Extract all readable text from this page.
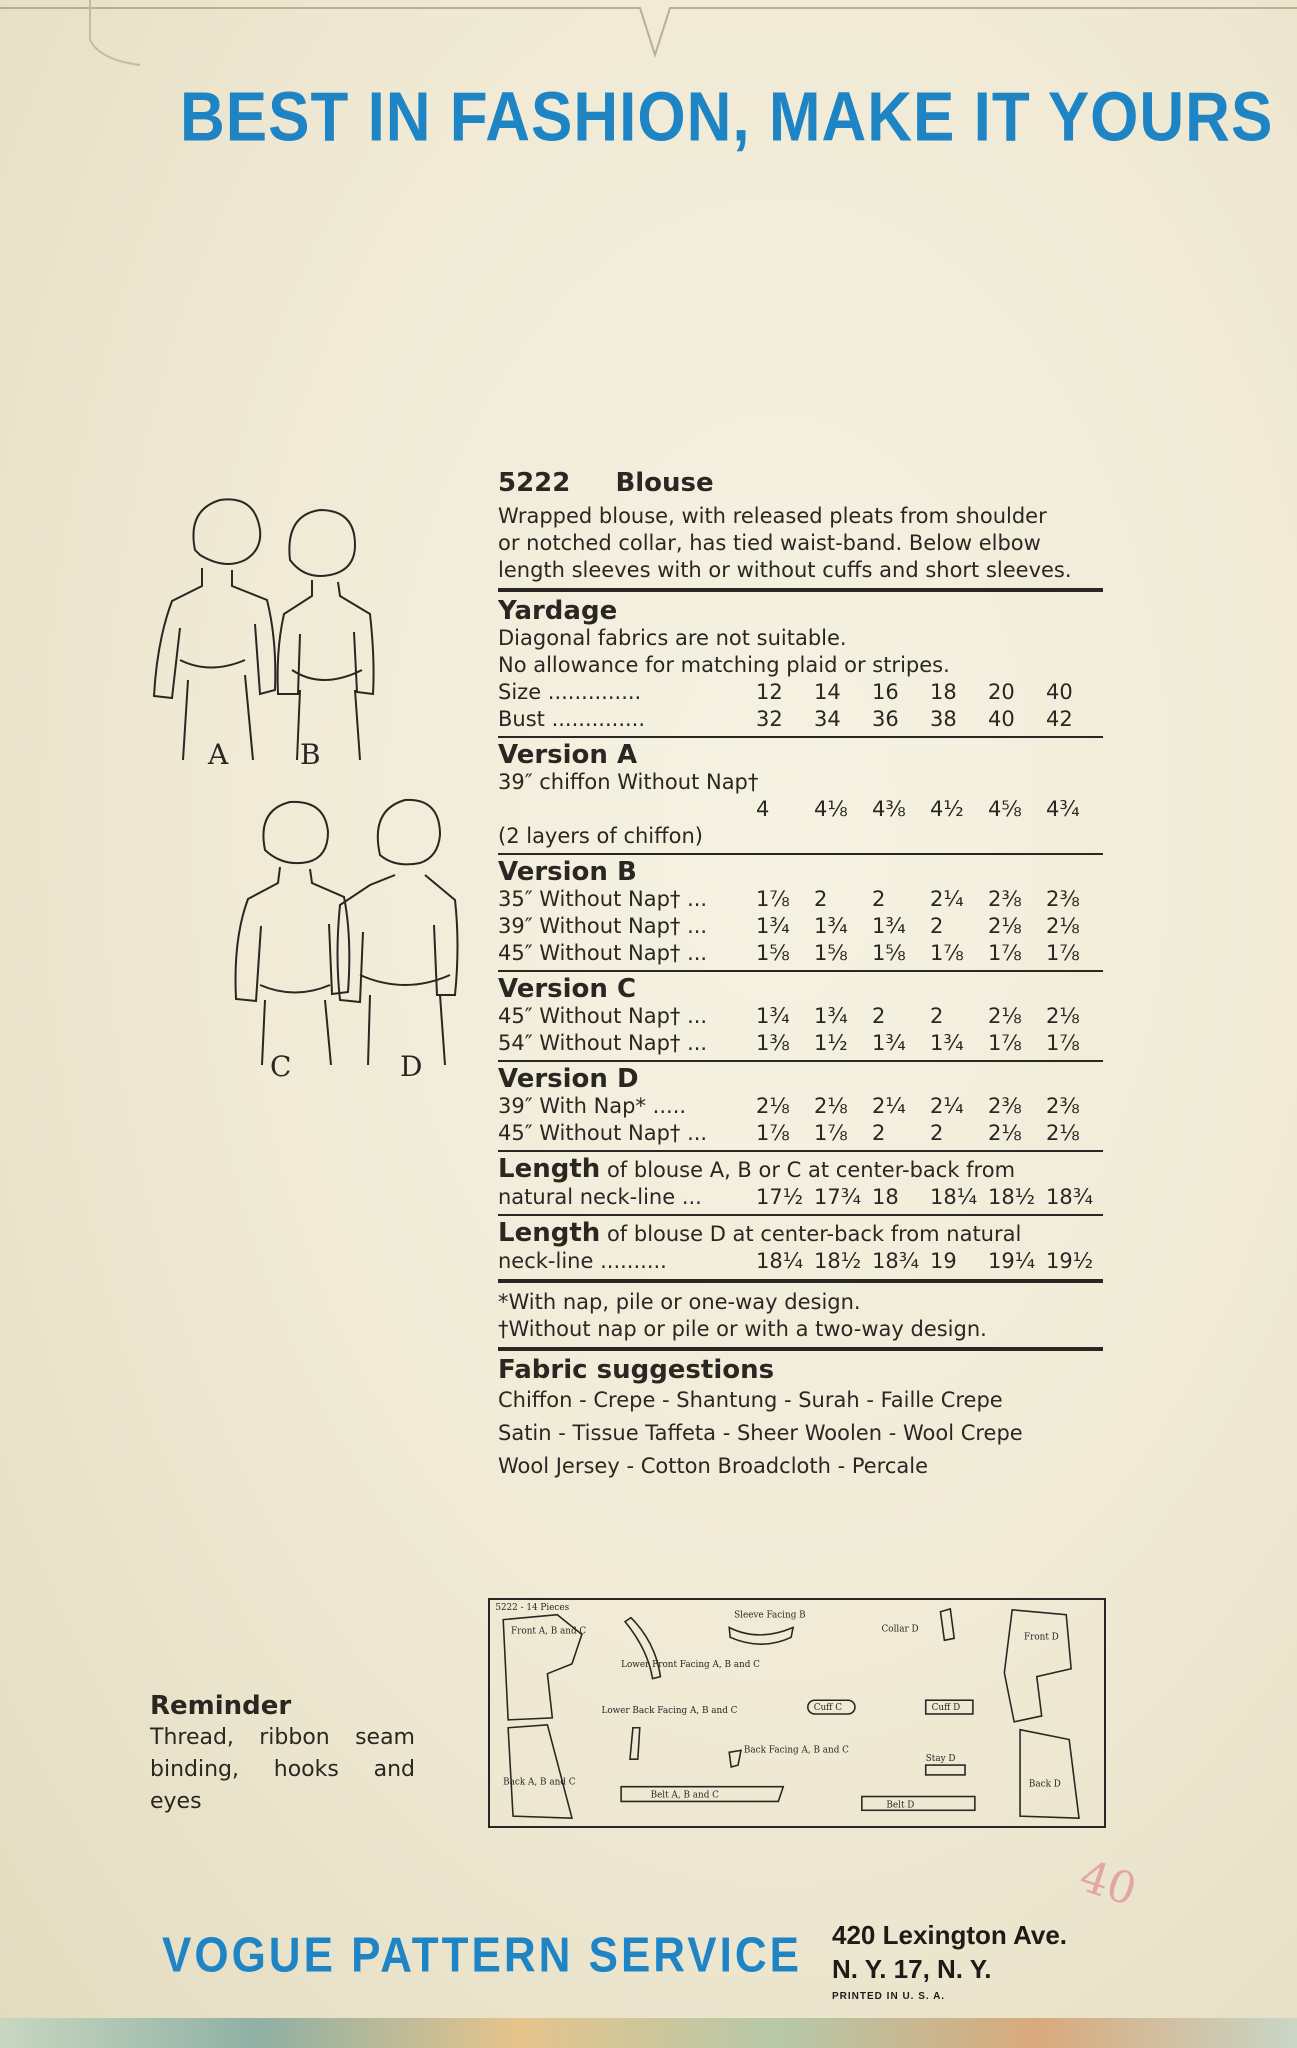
BEST IN FASHION, MAKE IT YOURS
A	B
C	D
5222 Blouse
Wrapped blouse, with released pleats from shoulder
or notched collar, has tied waist-band. Below elbow
length sleeves with or without cuffs and short sleeves.
Yardage
Diagonal fabrics are not suitable.
No allowance for matching plaid or stripes.
Size ..............	12	14	16	18	20	40
Bust ..............	32	34	36	38	40	42
Version A
39″ chiffon Without Nap†
4	4⅛	4⅜	4½	4⅝	4¾
(2 layers of chiffon)
Version B
35″ Without Nap† ...	1⅞	2	2	2¼	2⅜	2⅜
39″ Without Nap† ...	1¾	1¾	1¾	2	2⅛	2⅛
45″ Without Nap† ...	1⅝	1⅝	1⅝	1⅞	1⅞	1⅞
Version C
45″ Without Nap† ...	1¾	1¾	2	2	2⅛	2⅛
54″ Without Nap† ...	1⅜	1½	1¾	1¾	1⅞	1⅞
Version D
39″ With Nap* .....	2⅛	2⅛	2¼	2¼	2⅜	2⅜
45″ Without Nap† ...	1⅞	1⅞	2	2	2⅛	2⅛
Length of blouse A, B or C at center-back from
natural neck-line ...	17½ 17¾ 18	18¼ 18½ 18¾
Length of blouse D at center-back from natural
neck-line ..........	18¼ 18½ 18¾ 19	19¼ 19½
*With nap, pile or one-way design.
†Without nap or pile or with a two-way design.
Fabric suggestions
Chiffon - Crepe - Shantung - Surah - Faille Crepe
Satin - Tissue Taffeta - Sheer Woolen - Wool Crepe
Wool Jersey - Cotton Broadcloth - Percale
5222 - 14 Pieces
Front A, B and C
Lower Front Facing A, B and C
Sleeve Facing B
Collar D
Front D
Lower Back Facing A, B and C	Cuff C	Cuff D
Back A, B and C
Back Facing A, B and C
Stay D
Back D
Belt A, B and C
Belt D
Reminder
Thread, ribbon seam binding, hooks and eyes
VOGUE PATTERN SERVICE 420 Lexington Ave.
N. Y. 17, N. Y.
PRINTED IN U. S. A.
40
